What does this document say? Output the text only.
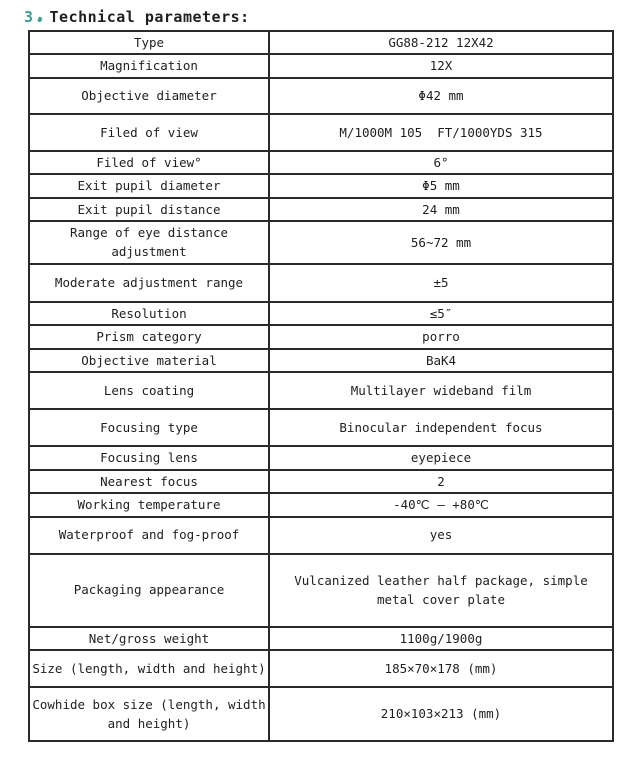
3 Technical parameters:
Type	GG88-212 12X42
Magnification	12X
Objective diameter	Φ42 mm
Filed of view	M/1000M 105  FT/1000YDS 315
Filed of view°	6°
Exit pupil diameter	Φ5 mm
Exit pupil distance	24 mm
Range of eye distance adjustment	56~72 mm
Moderate adjustment range	±5
Resolution	≤5″
Prism category	porro
Objective material	BaK4
Lens coating	Multilayer wideband film
Focusing type	Binocular independent focus
Focusing lens	eyepiece
Nearest focus	2
Working temperature	-40℃ — +80℃
Waterproof and fog-proof	yes
Packaging appearance	Vulcanized leather half package, simple metal cover plate
Net/gross weight	1100g/1900g
Size (length, width and height)	185×70×178 (mm)
Cowhide box size (length, width and height)	210×103×213 (mm)
